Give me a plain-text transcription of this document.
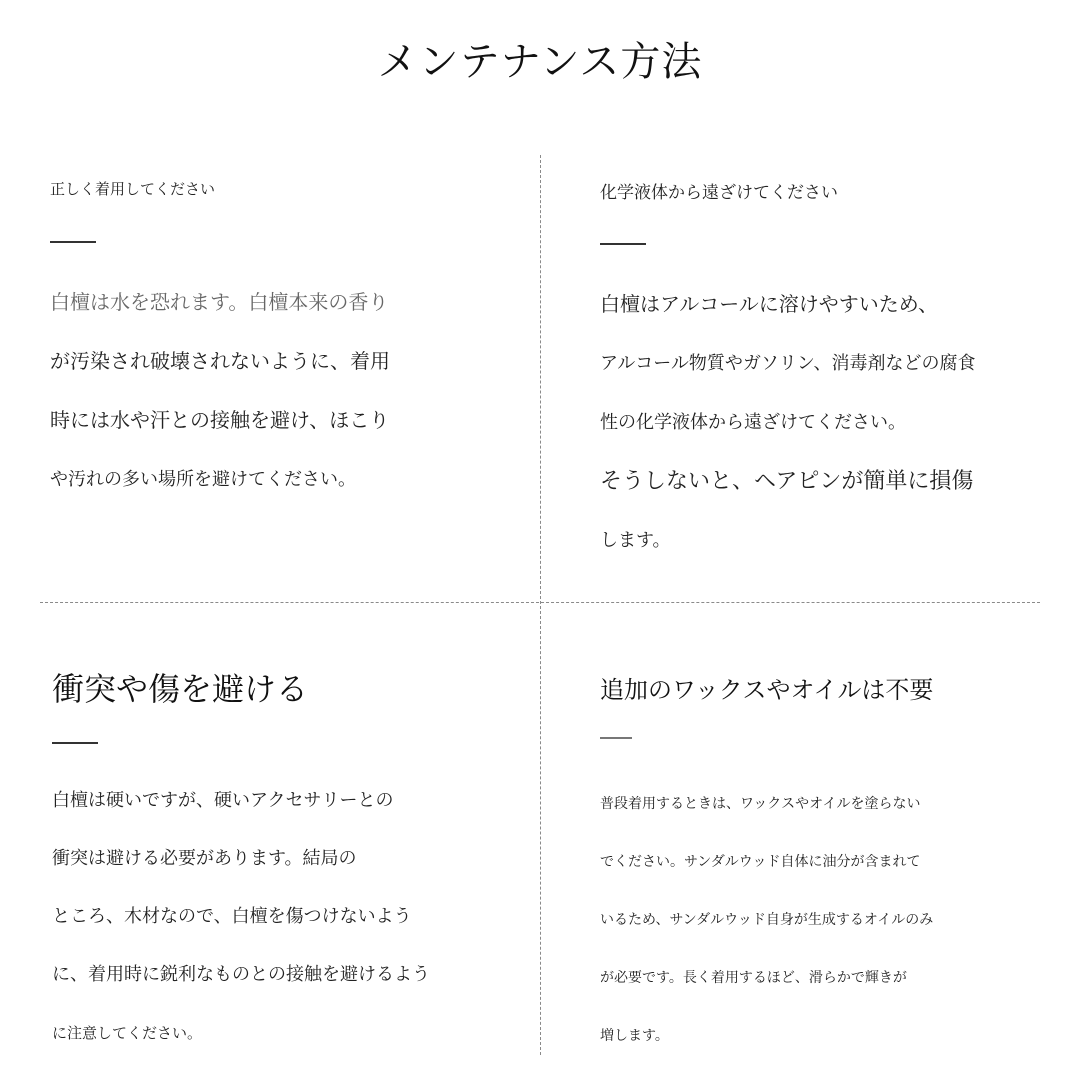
メンテナンス方法
正しく着用してください
白檀は水を恐れます。白檀本来の香り
が汚染され破壊されないように、着用
時には水や汗との接触を避け、ほこり
や汚れの多い場所を避けてください。
化学液体から遠ざけてください
白檀はアルコールに溶けやすいため、
アルコール物質やガソリン、消毒剤などの腐食
性の化学液体から遠ざけてください。
そうしないと、ヘアピンが簡単に損傷
します。
衝突や傷を避ける
白檀は硬いですが、硬いアクセサリーとの
衝突は避ける必要があります。結局の
ところ、木材なので、白檀を傷つけないよう
に、着用時に鋭利なものとの接触を避けるよう
に注意してください。
追加のワックスやオイルは不要
普段着用するときは、ワックスやオイルを塗らない
でください。サンダルウッド自体に油分が含まれて
いるため、サンダルウッド自身が生成するオイルのみ
が必要です。長く着用するほど、滑らかで輝きが
増します。
